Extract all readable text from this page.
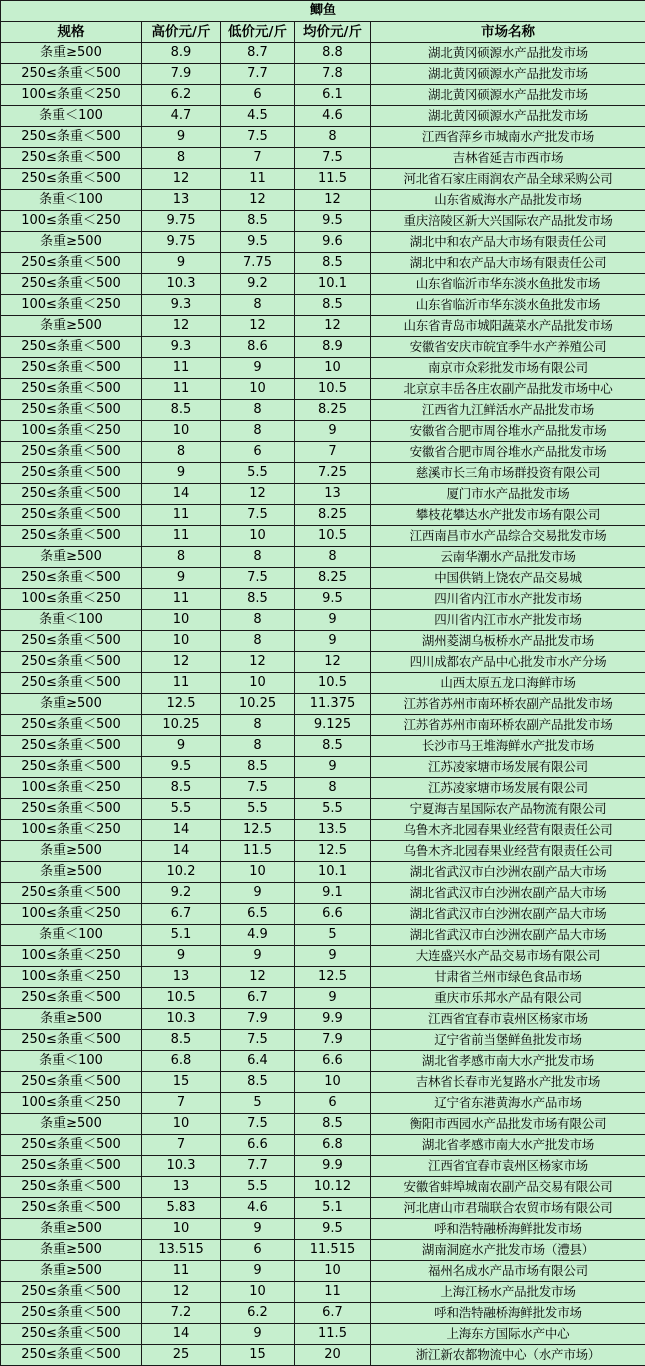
鲫鱼				
规格	高价元/斤	低价元/斤	均价元/斤	市场名称
条重≥500	8.9	8.7	8.8	湖北黄冈硕源水产品批发市场
250≤条重＜500	7.9	7.7	7.8	湖北黄冈硕源水产品批发市场
100≤条重＜250	6.2	6	6.1	湖北黄冈硕源水产品批发市场
条重＜100	4.7	4.5	4.6	湖北黄冈硕源水产品批发市场
250≤条重＜500	9	7.5	8	江西省萍乡市城南水产批发市场
250≤条重＜500	8	7	7.5	吉林省延吉市西市场
250≤条重＜500	12	11	11.5	河北省石家庄雨润农产品全球采购公司
条重＜100	13	12	12	山东省威海水产品批发市场
100≤条重＜250	9.75	8.5	9.5	重庆涪陵区新大兴国际农产品批发市场
条重≥500	9.75	9.5	9.6	湖北中和农产品大市场有限责任公司
250≤条重＜500	9	7.75	8.5	湖北中和农产品大市场有限责任公司
250≤条重＜500	10.3	9.2	10.1	山东省临沂市华东淡水鱼批发市场
100≤条重＜250	9.3	8	8.5	山东省临沂市华东淡水鱼批发市场
条重≥500	12	12	12	山东省青岛市城阳蔬菜水产品批发市场
250≤条重＜500	9.3	8.6	8.9	安徽省安庆市皖宜季牛水产养殖公司
250≤条重＜500	11	9	10	南京市众彩批发市场有限公司
250≤条重＜500	11	10	10.5	北京京丰岳各庄农副产品批发市场中心
250≤条重＜500	8.5	8	8.25	江西省九江鲜活水产品批发市场
100≤条重＜250	10	8	9	安徽省合肥市周谷堆水产品批发市场
250≤条重＜500	8	6	7	安徽省合肥市周谷堆水产品批发市场
250≤条重＜500	9	5.5	7.25	慈溪市长三角市场群投资有限公司
250≤条重＜500	14	12	13	厦门市水产品批发市场
250≤条重＜500	11	7.5	8.25	攀枝花攀达水产批发市场有限公司
250≤条重＜500	11	10	10.5	江西南昌市水产品综合交易批发市场
条重≥500	8	8	8	云南华潮水产品批发市场
250≤条重＜500	9	7.5	8.25	中国供销上饶农产品交易城
100≤条重＜250	11	8.5	9.5	四川省内江市水产批发市场
条重＜100	10	8	9	四川省内江市水产批发市场
250≤条重＜500	10	8	9	湖州菱湖乌板桥水产品批发市场
250≤条重＜500	12	12	12	四川成都农产品中心批发市水产分场
250≤条重＜500	11	10	10.5	山西太原五龙口海鲜市场
条重≥500	12.5	10.25	11.375	江苏省苏州市南环桥农副产品批发市场
250≤条重＜500	10.25	8	9.125	江苏省苏州市南环桥农副产品批发市场
250≤条重＜500	9	8	8.5	长沙市马王堆海鲜水产批发市场
250≤条重＜500	9.5	8.5	9	江苏凌家塘市场发展有限公司
100≤条重＜250	8.5	7.5	8	江苏凌家塘市场发展有限公司
250≤条重＜500	5.5	5.5	5.5	宁夏海吉星国际农产品物流有限公司
100≤条重＜250	14	12.5	13.5	乌鲁木齐北园春果业经营有限责任公司
条重≥500	14	11.5	12.5	乌鲁木齐北园春果业经营有限责任公司
条重≥500	10.2	10	10.1	湖北省武汉市白沙洲农副产品大市场
250≤条重＜500	9.2	9	9.1	湖北省武汉市白沙洲农副产品大市场
100≤条重＜250	6.7	6.5	6.6	湖北省武汉市白沙洲农副产品大市场
条重＜100	5.1	4.9	5	湖北省武汉市白沙洲农副产品大市场
100≤条重＜250	9	9	9	大连盛兴水产品交易市场有限公司
100≤条重＜250	13	12	12.5	甘肃省兰州市绿色食品市场
250≤条重＜500	10.5	6.7	9	重庆市乐邦水产品有限公司
条重≥500	10.3	7.9	9.9	江西省宜春市袁州区杨家市场
250≤条重＜500	8.5	7.5	7.9	辽宁省前当堡鲜鱼批发市场
条重＜100	6.8	6.4	6.6	湖北省孝感市南大水产批发市场
250≤条重＜500	15	8.5	10	吉林省长春市光复路水产批发市场
100≤条重＜250	7	5	6	辽宁省东港黄海水产品市场
条重≥500	10	7.5	8.5	衡阳市西园水产品批发市场有限公司
250≤条重＜500	7	6.6	6.8	湖北省孝感市南大水产批发市场
250≤条重＜500	10.3	7.7	9.9	江西省宜春市袁州区杨家市场
250≤条重＜500	13	5.5	10.12	安徽省蚌埠城南农副产品交易有限公司
250≤条重＜500	5.83	4.6	5.1	河北唐山市君瑞联合农贸市场有限公司
条重≥500	10	9	9.5	呼和浩特融桥海鲜批发市场
条重≥500	13.515	6	11.515	湖南洞庭水产批发市场（澧县）
条重≥500	11	9	10	福州名成水产品市场有限公司
250≤条重＜500	12	10	11	上海江杨水产品批发市场
250≤条重＜500	7.2	6.2	6.7	呼和浩特融桥海鲜批发市场
250≤条重＜500	14	9	11.5	上海东方国际水产中心
250≤条重＜500	25	15	20	浙江新农都物流中心（水产市场）
